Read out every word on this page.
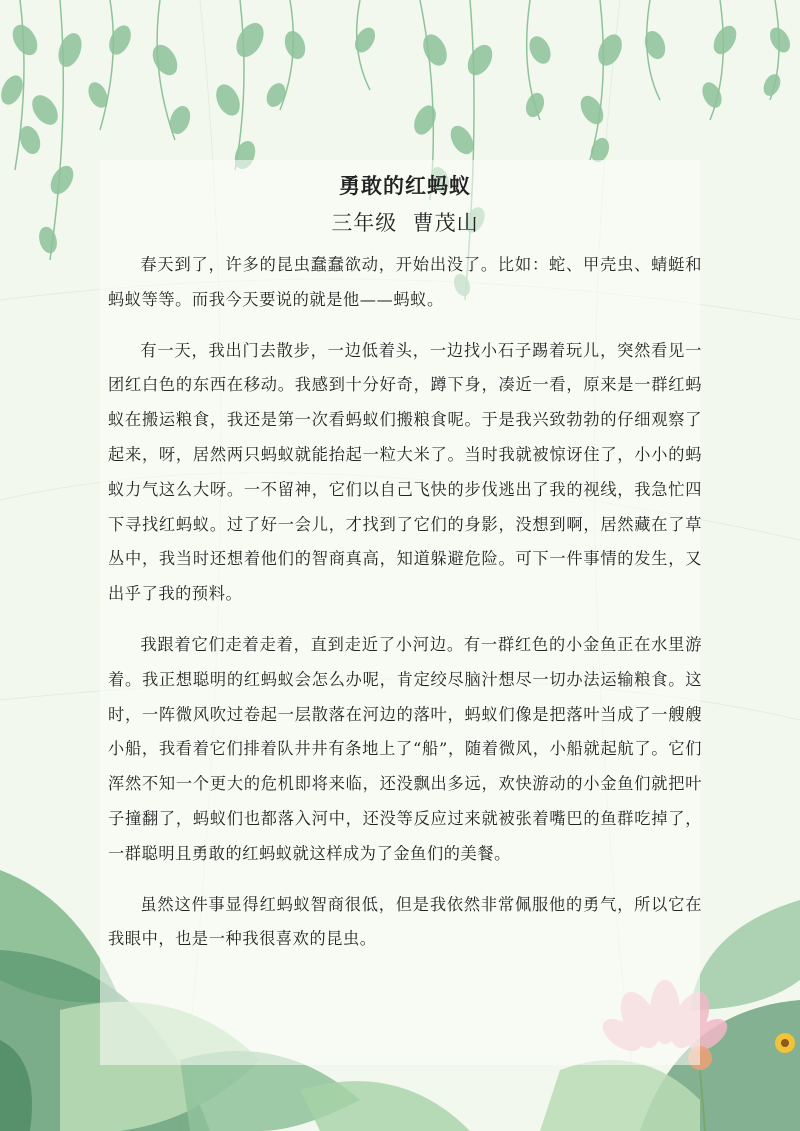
勇敢的红蚂蚁
三年级  曹茂山

春天到了，许多的昆虫蠢蠢欲动，开始出没了。比如：蛇、甲壳虫、蜻蜓和蚂蚁等等。而我今天要说的就是他——蚂蚁。

有一天，我出门去散步，一边低着头，一边找小石子踢着玩儿，突然看见一团红白色的东西在移动。我感到十分好奇，蹲下身，凑近一看，原来是一群红蚂蚁在搬运粮食，我还是第一次看蚂蚁们搬粮食呢。于是我兴致勃勃的仔细观察了起来，呀，居然两只蚂蚁就能抬起一粒大米了。当时我就被惊讶住了，小小的蚂蚁力气这么大呀。一不留神，它们以自己飞快的步伐逃出了我的视线，我急忙四下寻找红蚂蚁。过了好一会儿，才找到了它们的身影，没想到啊，居然藏在了草丛中，我当时还想着他们的智商真高，知道躲避危险。可下一件事情的发生，又出乎了我的预料。

我跟着它们走着走着，直到走近了小河边。有一群红色的小金鱼正在水里游着。我正想聪明的红蚂蚁会怎么办呢，肯定绞尽脑汁想尽一切办法运输粮食。这时，一阵微风吹过卷起一层散落在河边的落叶，蚂蚁们像是把落叶当成了一艘艘小船，我看着它们排着队井井有条地上了“船”，随着微风，小船就起航了。它们浑然不知一个更大的危机即将来临，还没飘出多远，欢快游动的小金鱼们就把叶子撞翻了，蚂蚁们也都落入河中，还没等反应过来就被张着嘴巴的鱼群吃掉了，一群聪明且勇敢的红蚂蚁就这样成为了金鱼们的美餐。

虽然这件事显得红蚂蚁智商很低，但是我依然非常佩服他的勇气，所以它在我眼中，也是一种我很喜欢的昆虫。
